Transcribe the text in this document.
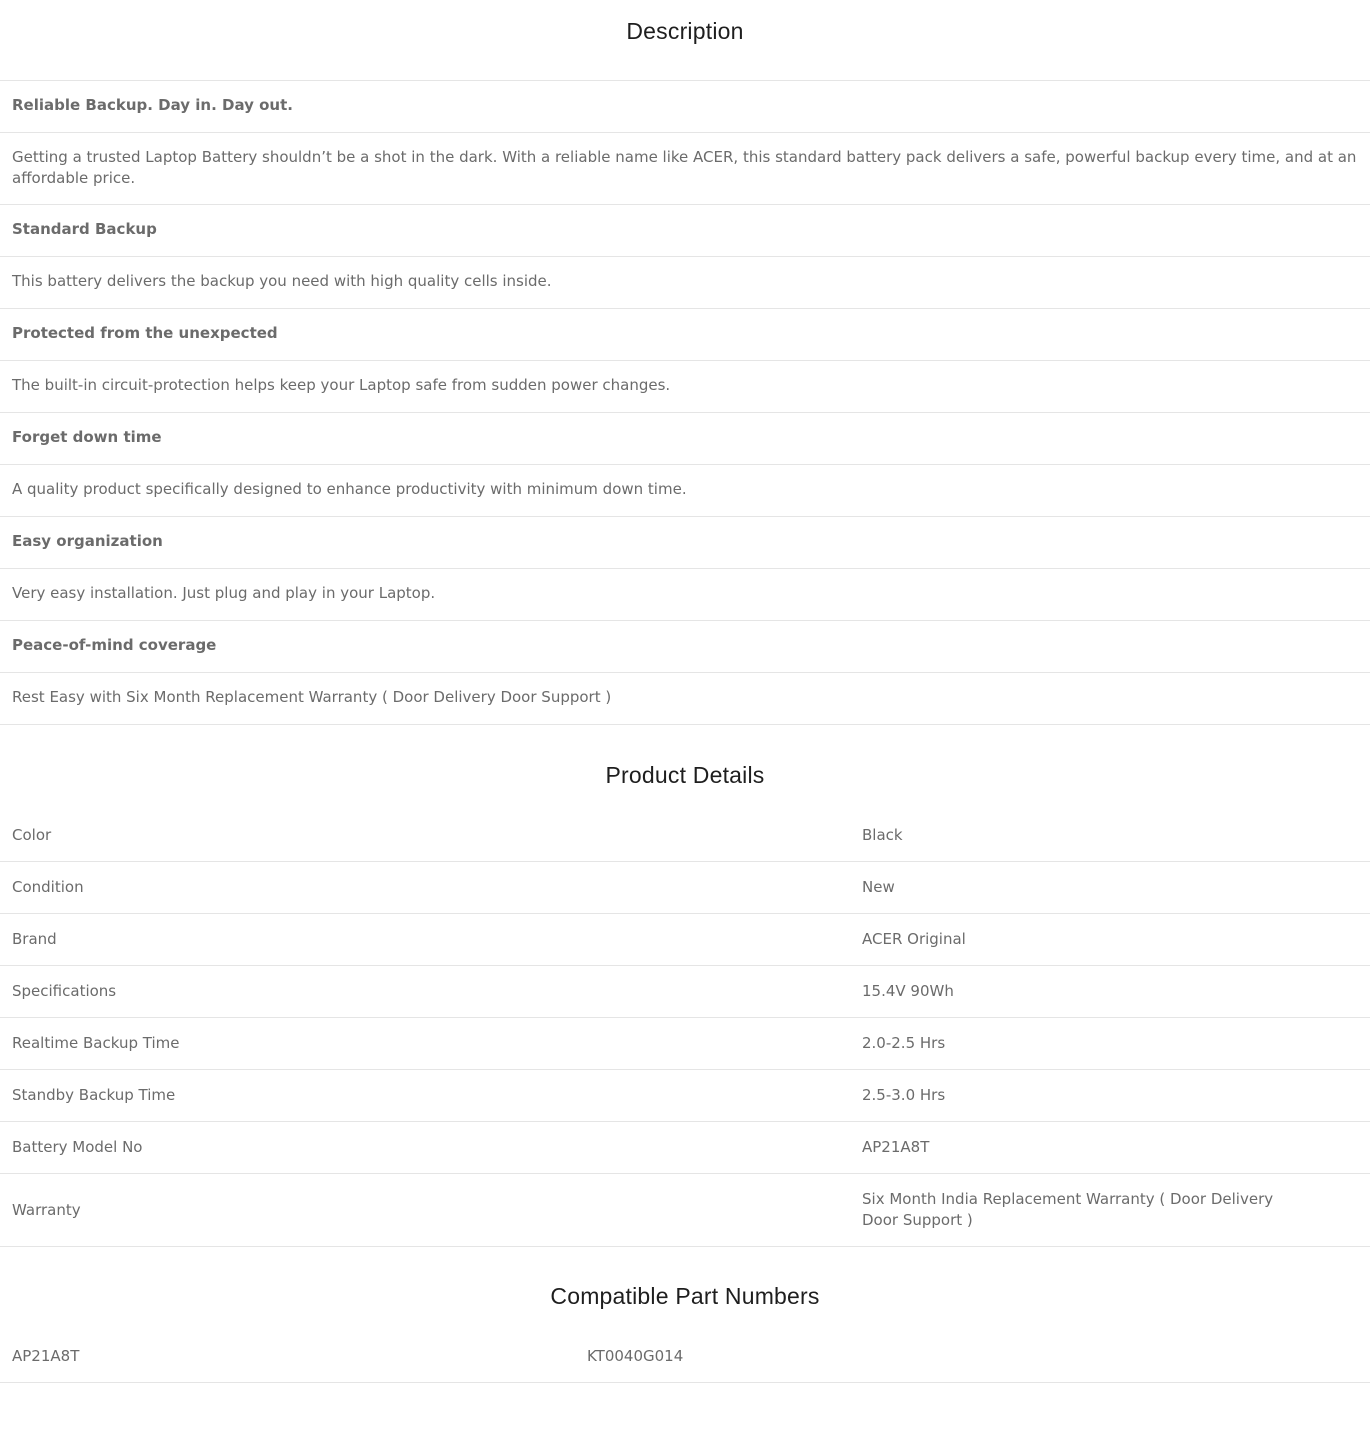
Description
Reliable Backup. Day in. Day out.
Getting a trusted Laptop Battery shouldn’t be a shot in the dark. With a reliable name like ACER, this standard battery pack delivers a safe, powerful backup every time, and at an affordable price.
Standard Backup
This battery delivers the backup you need with high quality cells inside.
Protected from the unexpected
The built-in circuit-protection helps keep your Laptop safe from sudden power changes.
Forget down time
A quality product specifically designed to enhance productivity with minimum down time.
Easy organization
Very easy installation. Just plug and play in your Laptop.
Peace-of-mind coverage
Rest Easy with Six Month Replacement Warranty ( Door Delivery Door Support )
Product Details
Color	Black
Condition	New
Brand	ACER Original
Specifications	15.4V 90Wh
Realtime Backup Time	2.0-2.5 Hrs
Standby Backup Time	2.5-3.0 Hrs
Battery Model No	AP21A8T
Warranty	Six Month India Replacement Warranty ( Door Delivery Door Support )
Compatible Part Numbers
AP21A8T	KT0040G014
